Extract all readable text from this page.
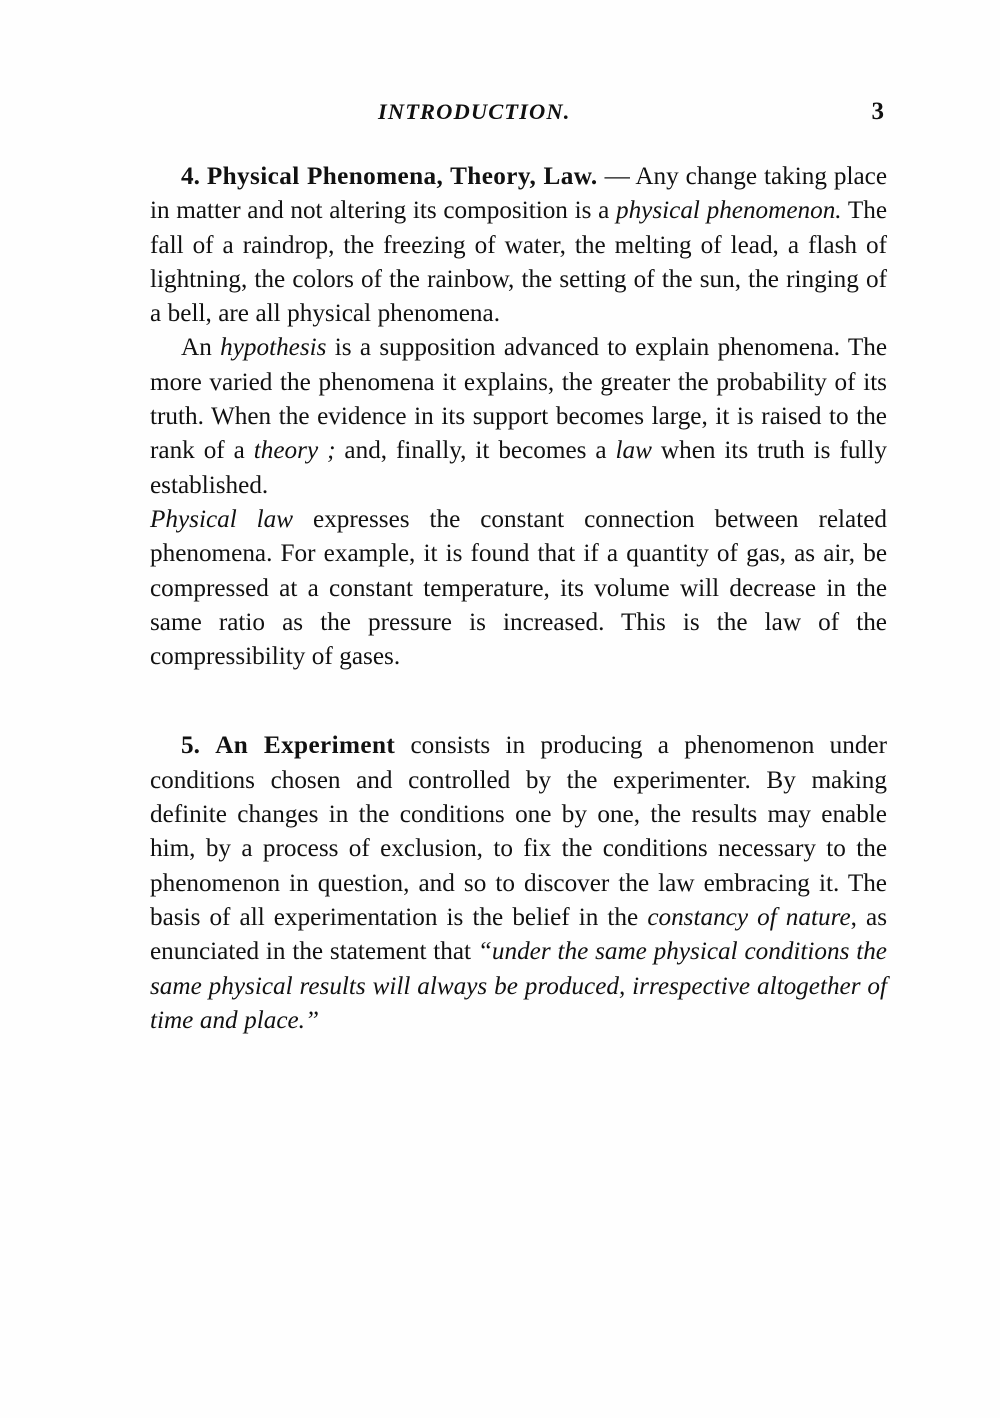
INTRODUCTION.	3

4. Physical Phenomena, Theory, Law. — Any change taking place in matter and not altering its composition is a physical phenomenon. The fall of a raindrop, the freezing of water, the melting of lead, a flash of lightning, the colors of the rainbow, the setting of the sun, the ringing of a bell, are all physical phenomena.

An hypothesis is a supposition advanced to explain phenomena. The more varied the phenomena it explains, the greater the probability of its truth. When the evidence in its support becomes large, it is raised to the rank of a theory ; and, finally, it becomes a law when its truth is fully established.

Physical law expresses the constant connection between related phenomena. For example, it is found that if a quantity of gas, as air, be compressed at a constant temperature, its volume will decrease in the same ratio as the pressure is increased. This is the law of the compressibility of gases.

5. An Experiment consists in producing a phenomenon under conditions chosen and controlled by the experimenter. By making definite changes in the conditions one by one, the results may enable him, by a process of exclusion, to fix the conditions necessary to the phenomenon in question, and so to discover the law embracing it. The basis of all experimentation is the belief in the constancy of nature, as enunciated in the statement that “under the same physical conditions the same physical results will always be produced, irrespective altogether of time and place.”
